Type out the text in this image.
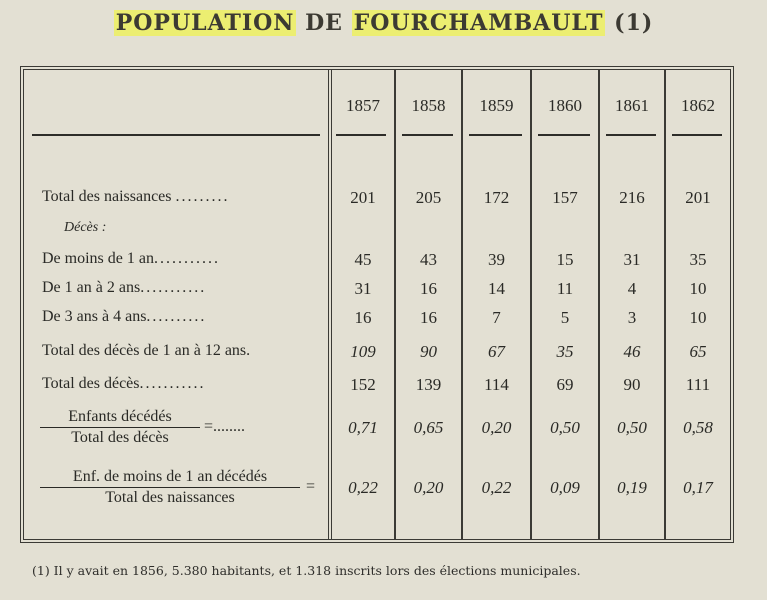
POPULATION DE FOURCHAMBAULT (1)
1857	1858	1859	1860	1861	1862
Total des naissances .........	201	205	172	157	216	201
Décès :
De moins de 1 an...........	45	43	39	15	31	35
De 1 an à 2 ans...........	31	16	14	11	4	10
De 3 ans à 4 ans..........	16	16	7	5	3	10
Total des décès de 1 an à 12 ans.	109	90	67	35	46	65
Total des décès...........	152	139	114	69	90	111
Enfants décédés
Total des décès
=........	0,71	0,65	0,20	0,50	0,50	0,58
Enf. de moins de 1 an décédés
Total des naissances
=	0,22	0,20	0,22	0,09	0,19	0,17
(1) Il y avait en 1856, 5.380 habitants, et 1.318 inscrits lors des élections municipales.
